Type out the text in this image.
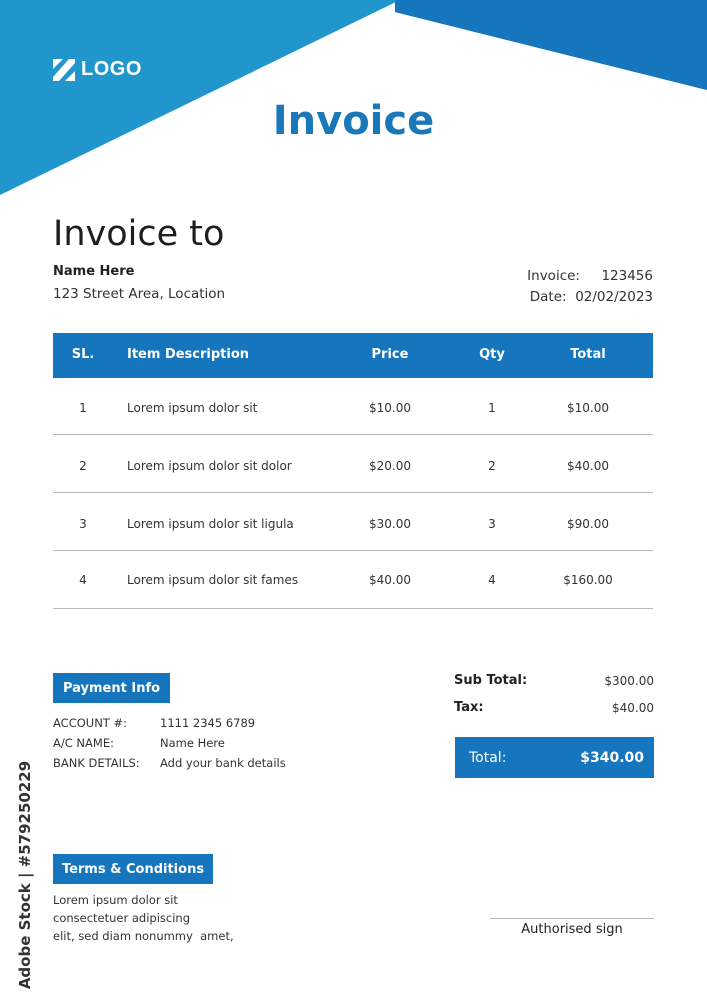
LOGO
Invoice
Invoice to
Name Here
123 Street Area, Location
Invoice: 123456
Date: 02/02/2023
SL.	Item Description	Price	Qty	Total
1	Lorem ipsum dolor sit	$10.00	1	$10.00
2	Lorem ipsum dolor sit dolor	$20.00	2	$40.00
3	Lorem ipsum dolor sit ligula	$30.00	3	$90.00
4	Lorem ipsum dolor sit fames	$40.00	4	$160.00
Payment Info
ACCOUNT #:	1111 2345 6789
A/C NAME:	Name Here
BANK DETAILS:	Add your bank details
Sub Total:	$300.00
Tax:	$40.00
Total:	$340.00
Terms & Conditions
Lorem ipsum dolor sit
consectetuer adipiscing
elit, sed diam nonummy  amet,	Authorised sign
Adobe Stock | #579250229
